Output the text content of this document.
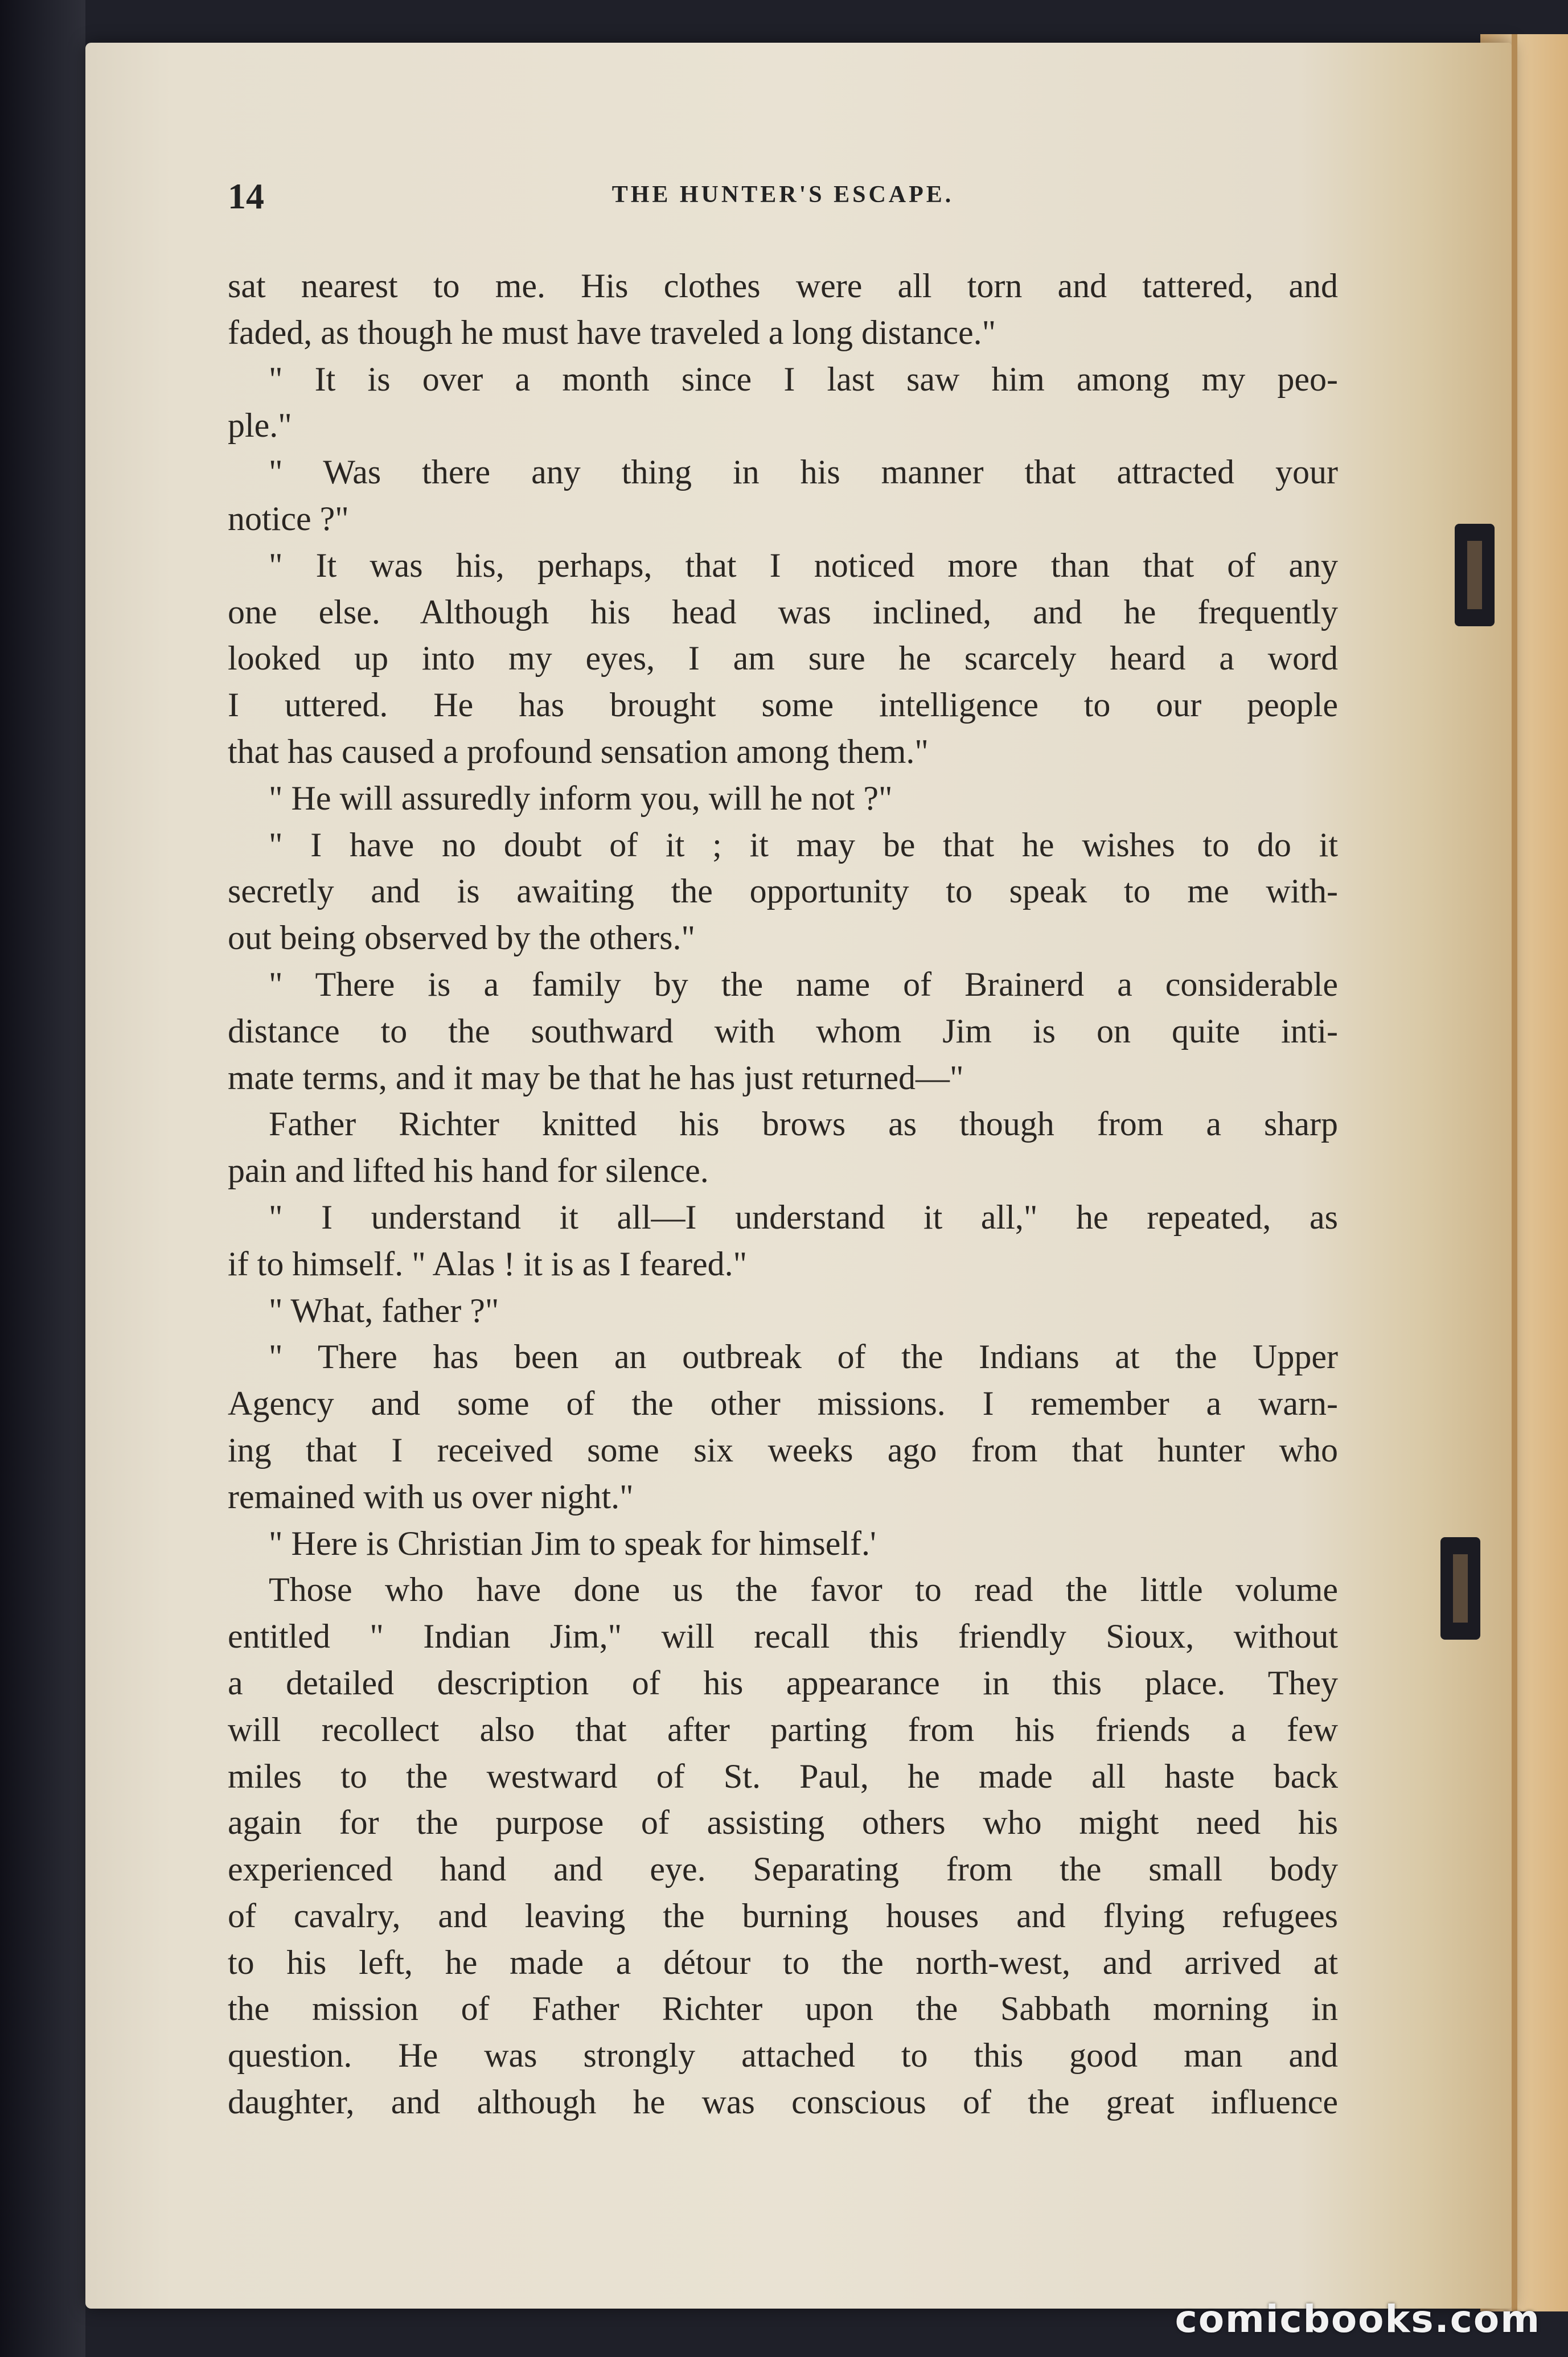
14	THE HUNTER'S ESCAPE.
sat nearest to me. His clothes were all torn and tattered, and
faded, as though he must have traveled a long distance."
" It is over a month since I last saw him among my peo-
ple."
" Was there any thing in his manner that attracted your
notice ?"
" It was his, perhaps, that I noticed more than that of any
one else. Although his head was inclined, and he frequently
looked up into my eyes, I am sure he scarcely heard a word
I uttered. He has brought some intelligence to our people
that has caused a profound sensation among them."
" He will assuredly inform you, will he not ?"
" I have no doubt of it ; it may be that he wishes to do it
secretly and is awaiting the opportunity to speak to me with-
out being observed by the others."
" There is a family by the name of Brainerd a considerable
distance to the southward with whom Jim is on quite inti-
mate terms, and it may be that he has just returned—"
Father Richter knitted his brows as though from a sharp
pain and lifted his hand for silence.
" I understand it all—I understand it all," he repeated, as
if to himself. " Alas ! it is as I feared."
" What, father ?"
" There has been an outbreak of the Indians at the Upper
Agency and some of the other missions. I remember a warn-
ing that I received some six weeks ago from that hunter who
remained with us over night."
" Here is Christian Jim to speak for himself.'
Those who have done us the favor to read the little volume
entitled " Indian Jim," will recall this friendly Sioux, without
a detailed description of his appearance in this place. They
will recollect also that after parting from his friends a few
miles to the westward of St. Paul, he made all haste back
again for the purpose of assisting others who might need his
experienced hand and eye. Separating from the small body
of cavalry, and leaving the burning houses and flying refugees
to his left, he made a détour to the north-west, and arrived at
the mission of Father Richter upon the Sabbath morning in
question. He was strongly attached to this good man and
daughter, and although he was conscious of the great influence
comicbooks.com
